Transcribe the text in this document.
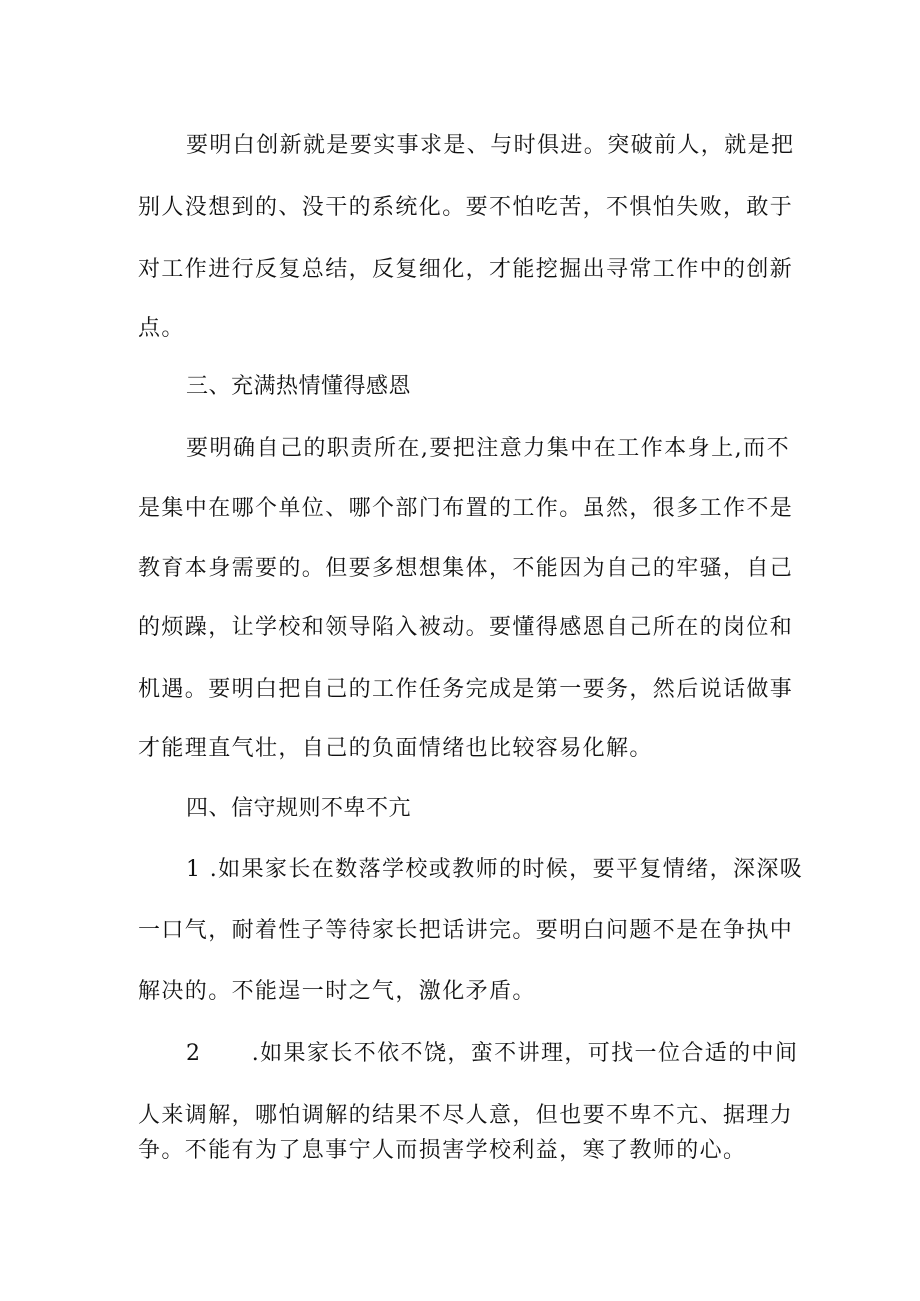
要明白创新就是要实事求是、与时俱进。突破前人，就是把
别人没想到的、没干的系统化。要不怕吃苦，不惧怕失败，敢于
对工作进行反复总结，反复细化，才能挖掘出寻常工作中的创新
点。
三、充满热情懂得感恩
要明确自己的职责所在,要把注意力集中在工作本身上,而不
是集中在哪个单位、哪个部门布置的工作。虽然，很多工作不是
教育本身需要的。但要多想想集体，不能因为自己的牢骚，自己
的烦躁，让学校和领导陷入被动。要懂得感恩自己所在的岗位和
机遇。要明白把自己的工作任务完成是第一要务，然后说话做事
才能理直气壮，自己的负面情绪也比较容易化解。
四、信守规则不卑不亢
1 .如果家长在数落学校或教师的时候，要平复情绪，深深吸
一口气，耐着性子等待家长把话讲完。要明白问题不是在争执中
解决的。不能逞一时之气，激化矛盾。
2      .如果家长不依不饶，蛮不讲理，可找一位合适的中间
人来调解，哪怕调解的结果不尽人意，但也要不卑不亢、据理力
争。不能有为了息事宁人而损害学校利益，寒了教师的心。
